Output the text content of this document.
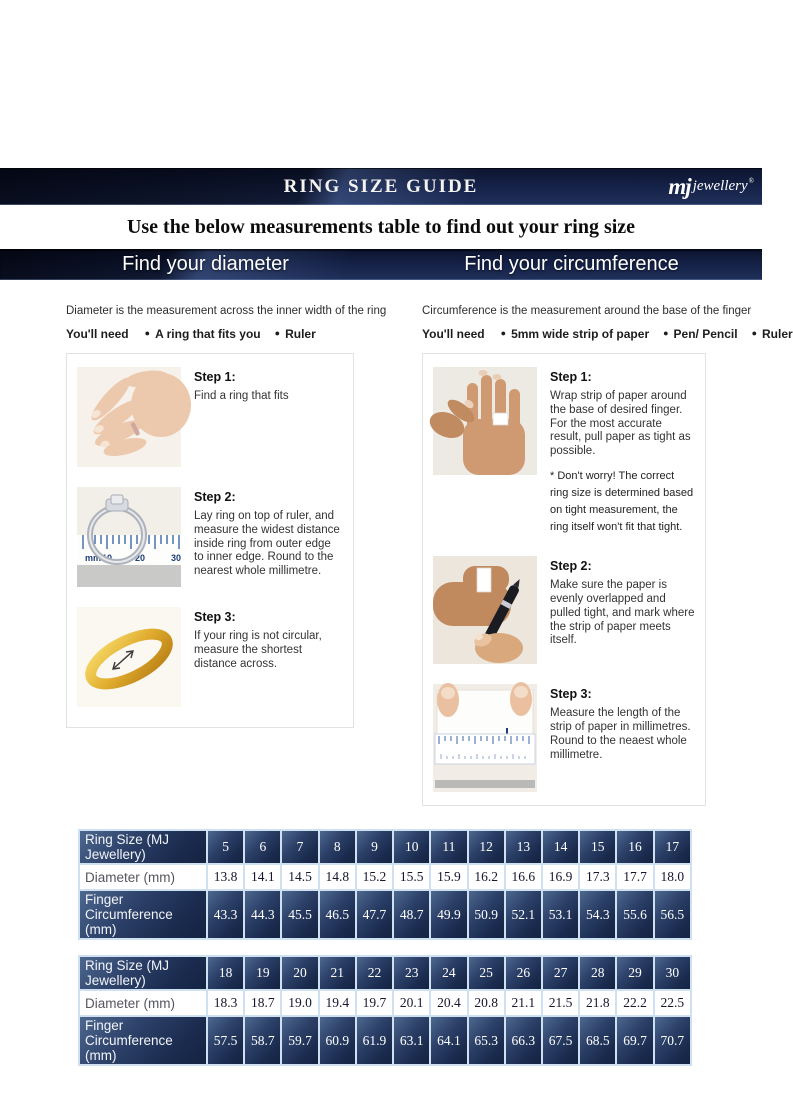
RING SIZE GUIDE	mj jewellery®
Use the below measurements table to find out your ring size
Find your diameter	Find your circumference

Diameter is the measurement across the inner width of the ring

You'll need ● A ring that fits you ● Ruler

Step 1:

Find a ring that fits

mm 10	20	30

Step 2:

Lay ring on top of ruler, and measure the widest distance inside ring from outer edge to inner edge. Round to the nearest whole millimetre.

Step 3:

If your ring is not circular, measure the shortest distance across.

Circumference is the measurement around the base of the finger

You'll need ● 5mm wide strip of paper ● Pen/ Pencil ● Ruler

Step 1:

Wrap strip of paper around the base of desired finger. For the most accurate result, pull paper as tight as possible.

* Don't worry! The correct ring size is determined based on tight measurement, the ring itself won't fit that tight.

Step 2:

Make sure the paper is evenly overlapped and pulled tight, and mark where the strip of paper meets itself.

Step 3:

Measure the length of the strip of paper in millimetres. Round to the neaest whole millimetre.

Ring Size (MJ Jewellery)	5	6	7	8	9	10	11	12	13	14	15	16	17
Diameter (mm)	13.8	14.1	14.5	14.8	15.2	15.5	15.9	16.2	16.6	16.9	17.3	17.7	18.0
Finger Circumference (mm)	43.3	44.3	45.5	46.5	47.7	48.7	49.9	50.9	52.1	53.1	54.3	55.6	56.5
Ring Size (MJ Jewellery)	18	19	20	21	22	23	24	25	26	27	28	29	30
Diameter (mm)	18.3	18.7	19.0	19.4	19.7	20.1	20.4	20.8	21.1	21.5	21.8	22.2	22.5
Finger Circumference (mm)	57.5	58.7	59.7	60.9	61.9	63.1	64.1	65.3	66.3	67.5	68.5	69.7	70.7
